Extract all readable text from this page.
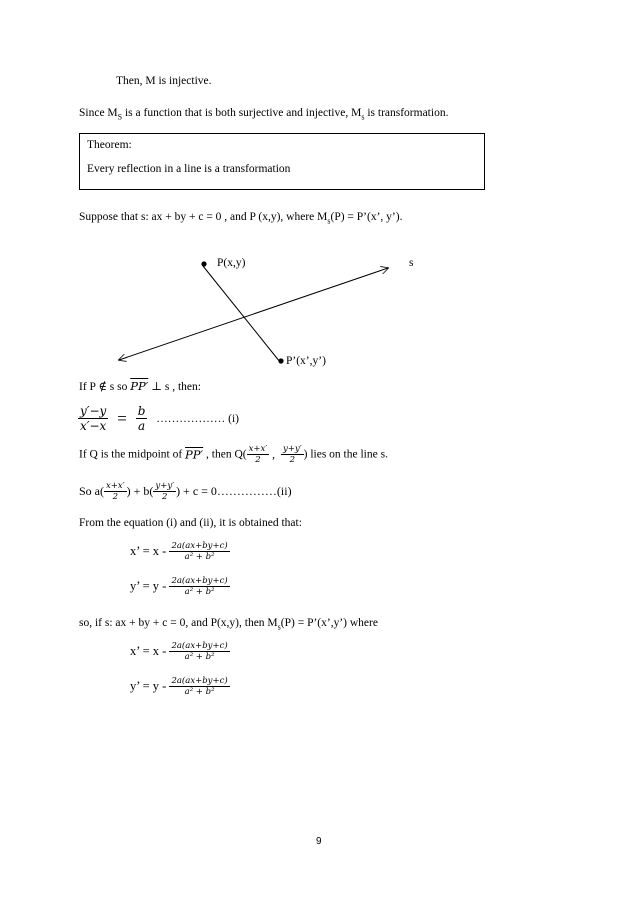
Then, M is injective.
Since $M_S$ is a function that is both surjective and injective, $M_s$ is transformation.
Theorem:
Every reflection in a line is a transformation
Suppose that s: ax + by + c = 0 , and P (x,y), where $M_s(P)$ = P’(x’, y’).
P(x,y)	s
P’(x’,y’)
If P ∉ s so PP′ ⊥ s , then:
$\frac{y'-y}{x'-x} = \frac{b}{a}$ ……………… (i)
If Q is the midpoint of PP′ , then $Q( \frac{x+x'}{2}$ , $\frac{y+y'}{2}$ ) lies on the line s.
So $a( \frac{x+x'}{2}$ ) + $b( \frac{y+y'}{2}$ ) + c = 0……………(ii)
From the equation (i) and (ii), it is obtained that:
x’ = x - $\frac{2a(ax+by+c)}{\text{a² + b²}}$
y’ = y - $\frac{2a(ax+by+c)}{\text{a² + b²}}$
so, if s: ax + by + c = 0, and P(x,y), then $M_s(P)$ = P’(x’,y’) where
x’ = x - $\frac{2a(ax+by+c)}{\text{a² + b²}}$
y’ = y - $\frac{2a(ax+by+c)}{\text{a² + b²}}$
9
